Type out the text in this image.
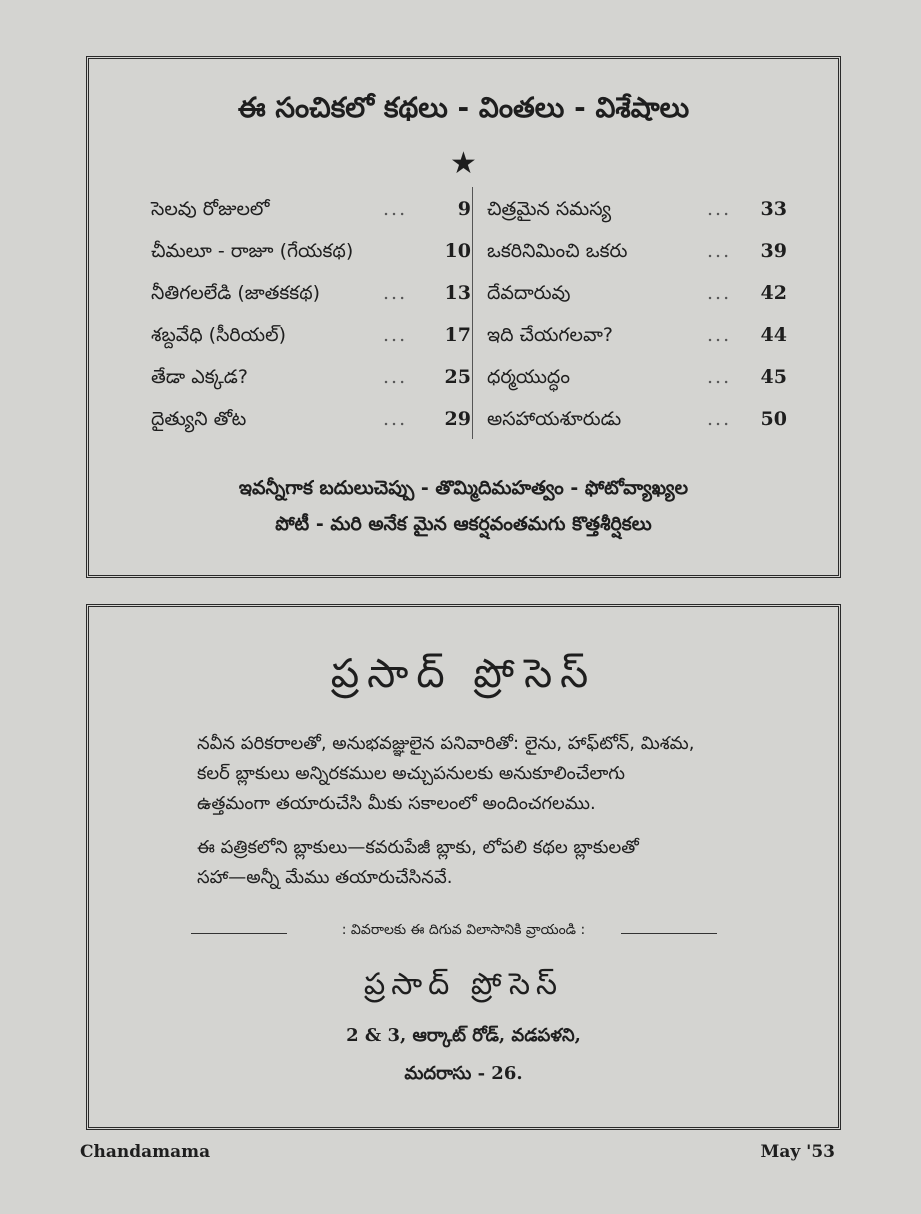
ఈ సంచికలో కథలు - వింతలు - విశేషాలు
★
సెలవు రోజులలో	...	9
చీమలూ - రాజూ (గేయకథ)	10
నీతిగలలేడి (జాతకకథ)	... 13
శబ్దవేధి (సీరియల్)	... 17
తేడా ఎక్కడ?	... 25
దైత్యుని తోట	... 29
చిత్రమైన సమస్య	... 33
ఒకరినిమించి ఒకరు	... 39
దేవదారువు	... 42
ఇది చేయగలవా?	... 44
ధర్మయుద్ధం	... 45
అసహాయశూరుడు	... 50
ఇవన్నీగాక బదులుచెప్పు - తొమ్మిదిమహత్వం - ఫోటోవ్యాఖ్యల
పోటీ - మరి అనేక మైన ఆకర్షవంతమగు కొత్తశీర్షికలు
ప్రసాద్ ప్రోసెస్
నవీన పరికరాలతో, అనుభవజ్ఞులైన పనివారితో: లైను, హాఫ్‌టోన్, మిశమ,
కలర్ బ్లాకులు అన్నిరకముల అచ్చుపనులకు అనుకూలించేలాగు
ఉత్తమంగా తయారుచేసి మీకు సకాలంలో అందించగలము.
ఈ పత్రికలోని బ్లాకులు—కవరుపేజీ బ్లాకు, లోపలి కథల బ్లాకులతో
సహా—అన్నీ మేము తయారుచేసినవే.
: వివరాలకు ఈ దిగువ విలాసానికి వ్రాయండి :
ప్రసాద్ ప్రోసెస్
2 & 3, ఆర్కాట్ రోడ్, వడపళని,
మదరాసు - 26.
Chandamama	May '53
